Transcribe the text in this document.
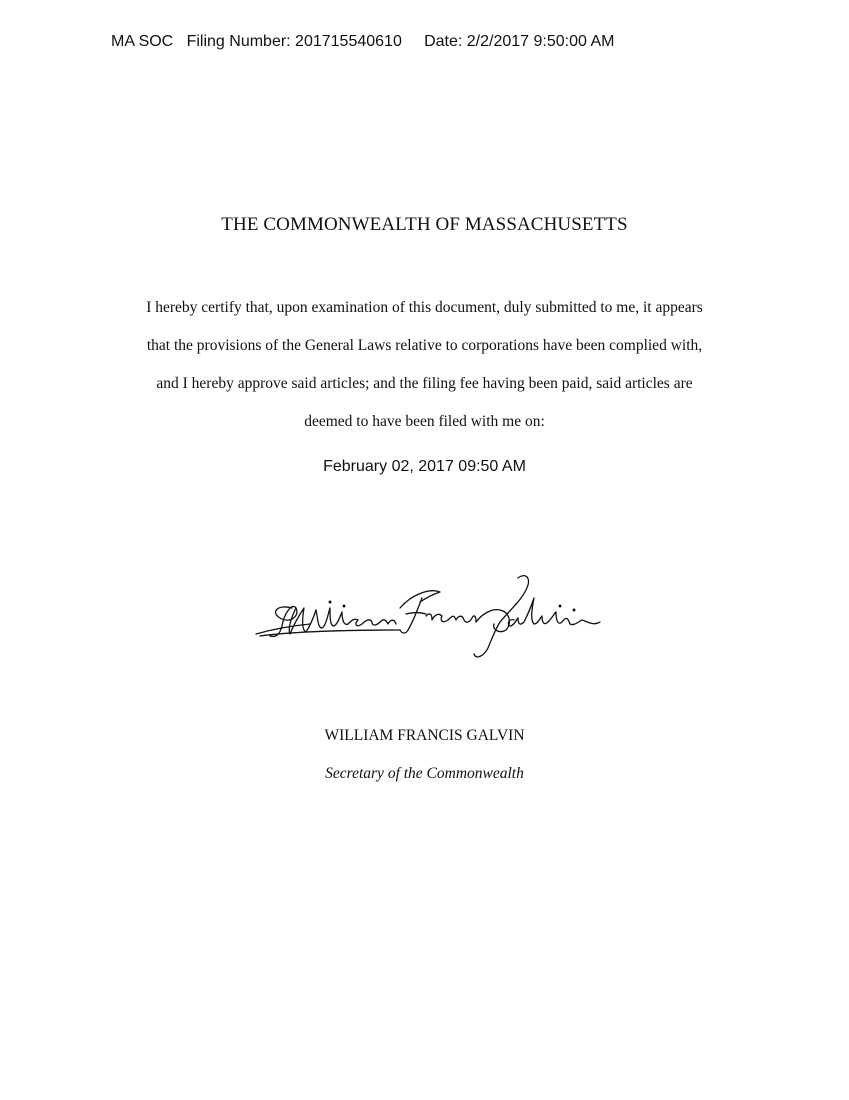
MA SOC Filing Number: 201715540610 Date: 2/2/2017 9:50:00 AM
THE COMMONWEALTH OF MASSACHUSETTS
I hereby certify that, upon examination of this document, duly submitted to me, it appears
that the provisions of the General Laws relative to corporations have been complied with,
and I hereby approve said articles; and the filing fee having been paid, said articles are
deemed to have been filed with me on:
February 02, 2017 09:50 AM
WILLIAM FRANCIS GALVIN
Secretary of the Commonwealth
